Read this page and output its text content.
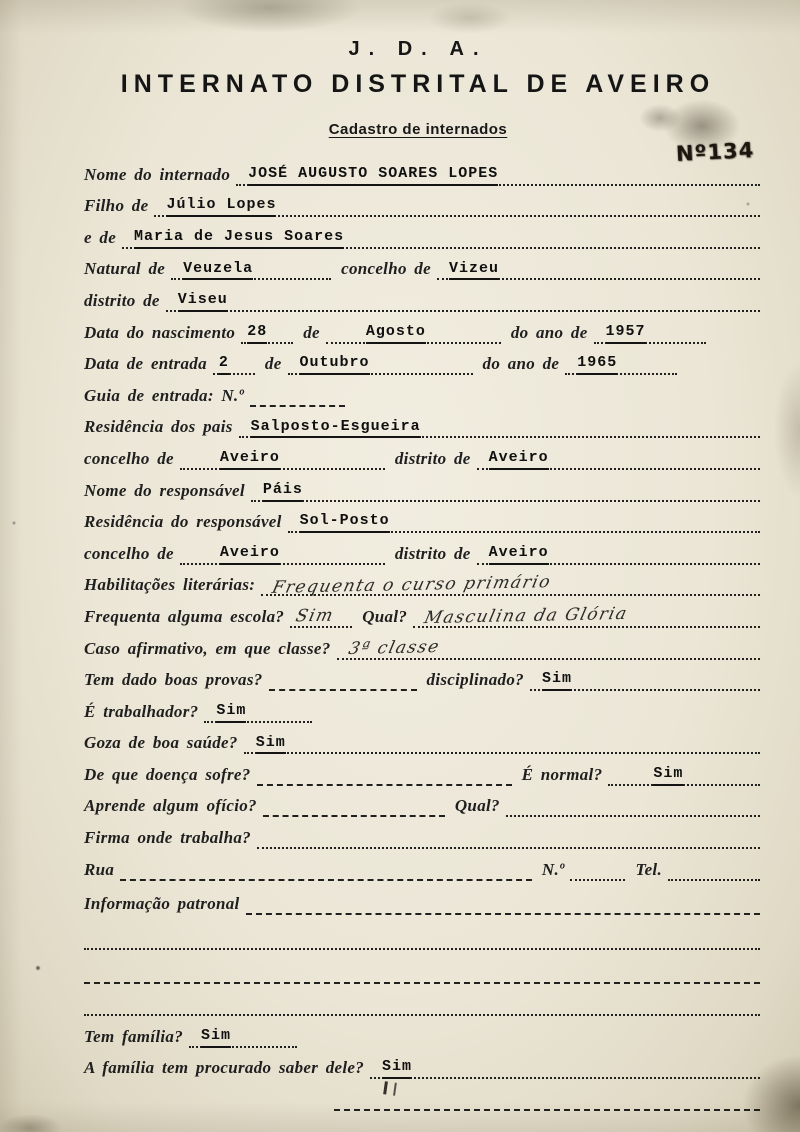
J. D. A.
INTERNATO DISTRITAL DE AVEIRO
Cadastro de internados
Nº134
Nome do internado JOSÉ AUGUSTO SOARES LOPES
Filho de Júlio Lopes
e de Maria de Jesus Soares
Natural de Veuzela	concelho de Vizeu
distrito de Viseu
Data do nascimento 28 de	Agosto	do ano de 1957
Data de entrada 2 de Outubro	do ano de 1965
Guia de entrada: N.º
Residência dos pais Salposto-Esgueira
concelho de	Aveiro	distrito de Aveiro
Nome do responsável Páis
Residência do responsável Sol-Posto
concelho de	Aveiro	distrito de Aveiro
Habilitações literárias: Frequenta o curso primário
Frequenta alguma escola? Sim Qual? Masculina da Glória
Caso afirmativo, em que classe? 3ª classe
Tem dado boas provas?	disciplinado? Sim
É trabalhador? Sim
Goza de boa saúde? Sim
De que doença sofre?	É normal?	Sim
Aprende algum ofício?	Qual?
Firma onde trabalha?
Rua	N.º	Tel.
Informação patronal
Tem família? Sim
A família tem procurado saber dele? Sim
